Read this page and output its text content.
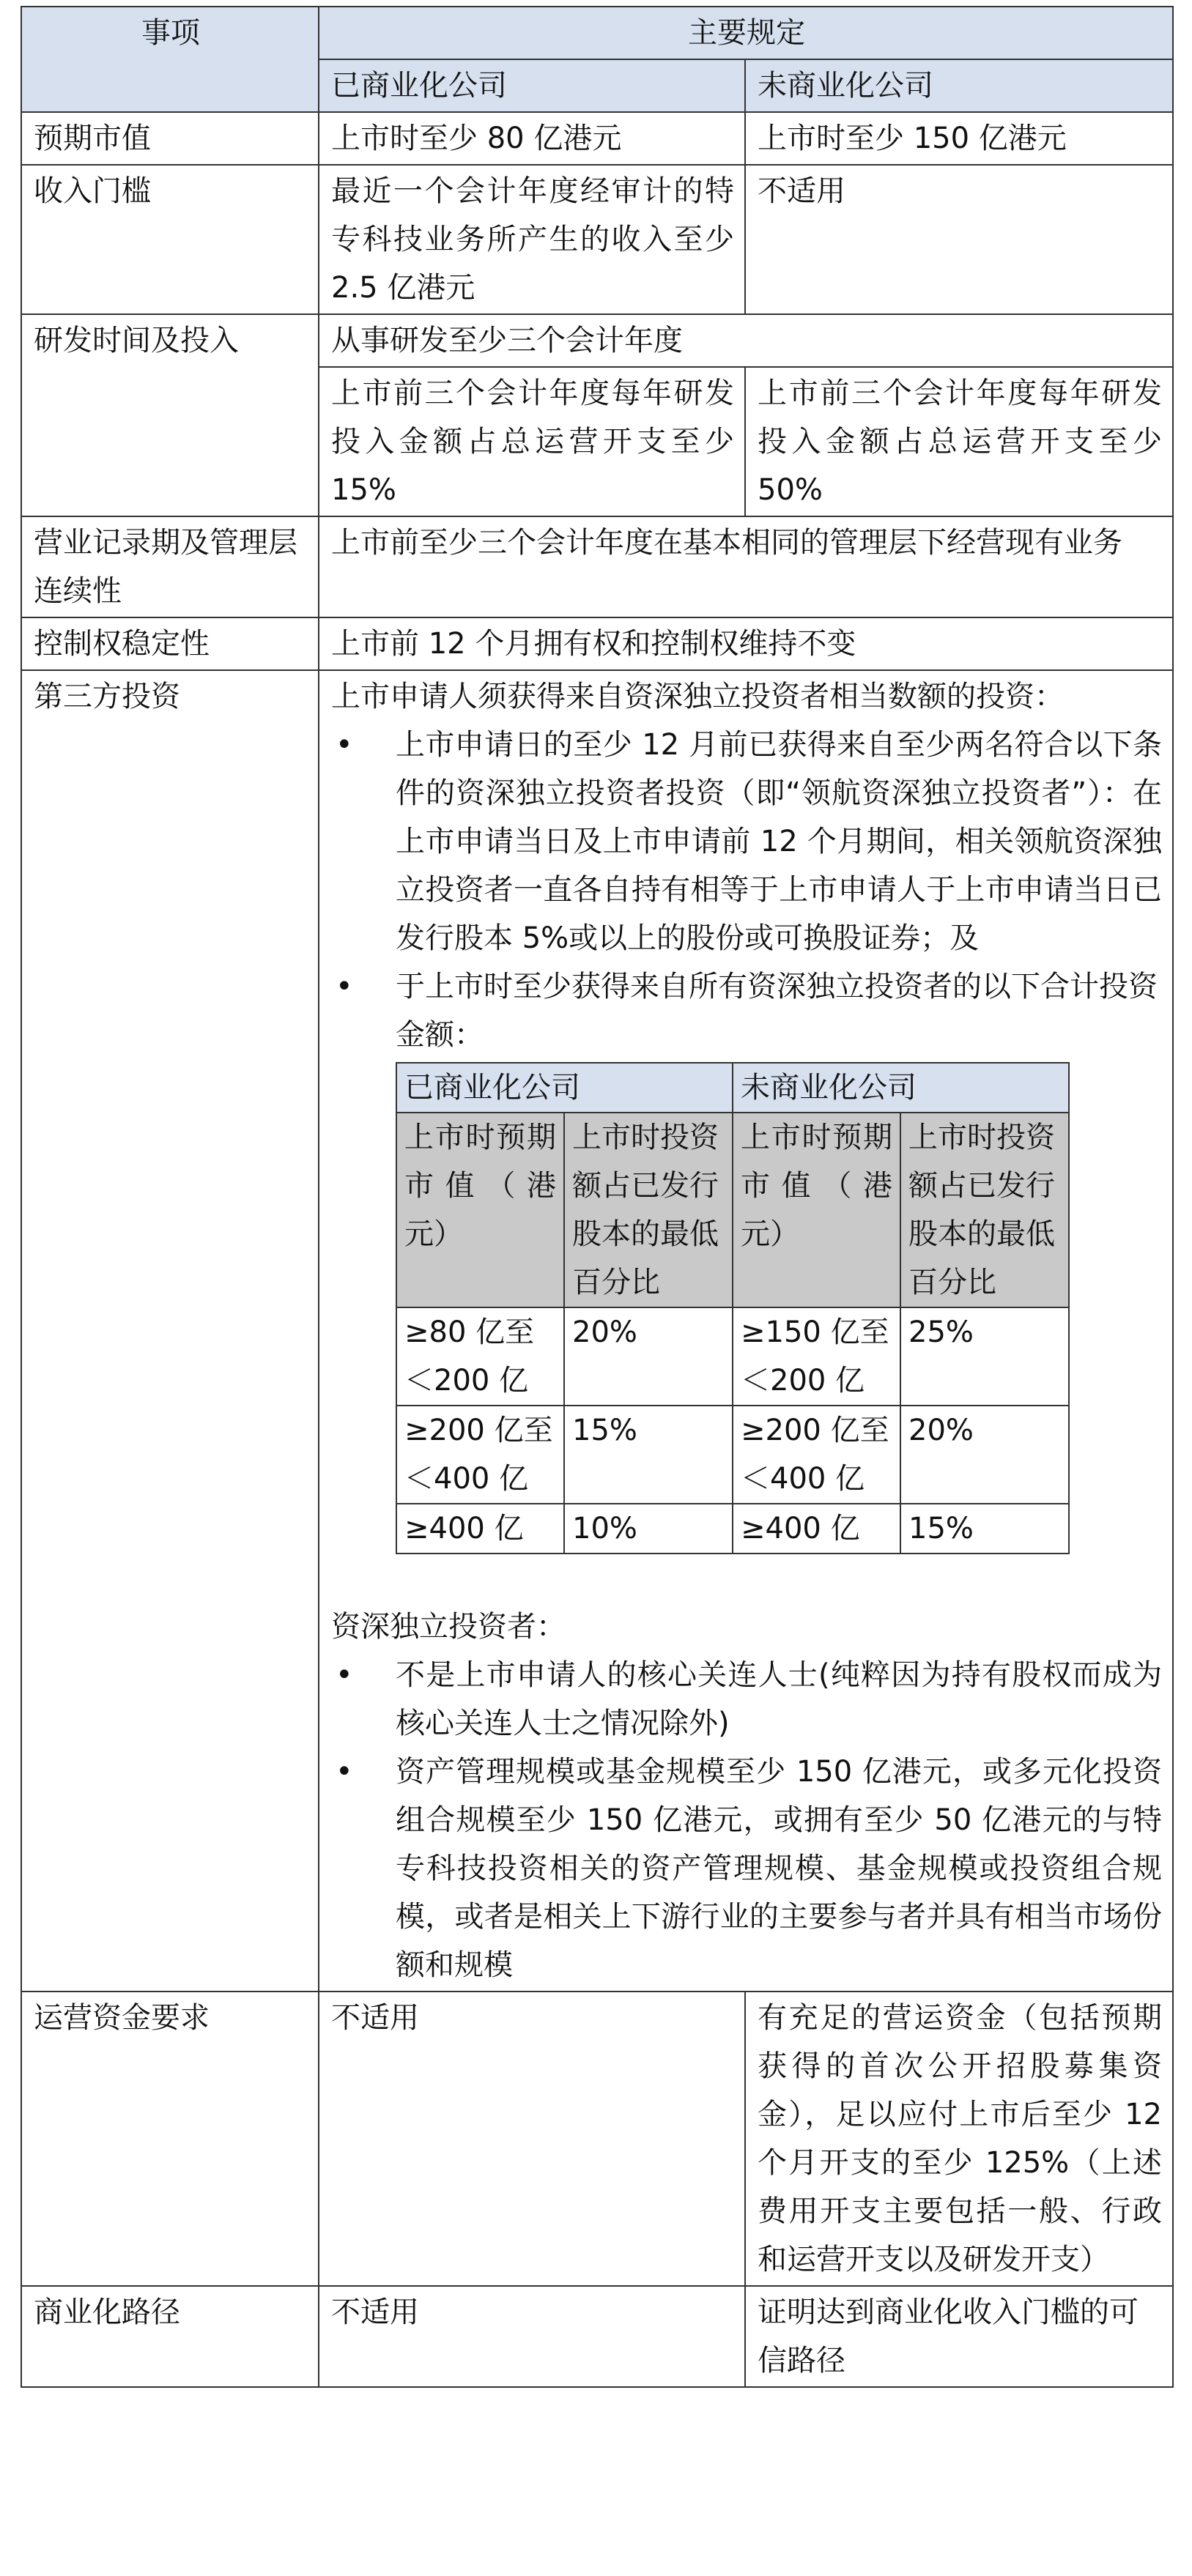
事项	主要规定
已商业化公司	未商业化公司
预期市值	上市时至少 80 亿港元	上市时至少 150 亿港元
收入门槛	最近一个会计年度经审计的特专科技业务所产生的收入至少 2.5 亿港元	不适用
研发时间及投入	从事研发至少三个会计年度
上市前三个会计年度每年研发投入金额占总运营开支至少 15%	上市前三个会计年度每年研发投入金额占总运营开支至少 50%
营业记录期及管理层连续性	上市前至少三个会计年度在基本相同的管理层下经营现有业务
控制权稳定性	上市前 12 个月拥有权和控制权维持不变
第三方投资	上市申请人须获得来自资深独立投资者相当数额的投资：
• 上市申请日的至少 12 月前已获得来自至少两名符合以下条件的资深独立投资者投资（即“领航资深独立投资者”）：在上市申请当日及上市申请前 12 个月期间，相关领航资深独立投资者一直各自持有相等于上市申请人于上市申请当日已发行股本 5%或以上的股份或可换股证券；及
• 于上市时至少获得来自所有资深独立投资者的以下合计投资金额：
已商业化公司	未商业化公司
上市时预期市值（港元）	上市时投资额占已发行股本的最低百分比	上市时预期市值（港元）	上市时投资额占已发行股本的最低百分比
≥80 亿至＜200 亿	20%	≥150 亿至＜200 亿	25%
≥200 亿至＜400 亿	15%	≥200 亿至＜400 亿	20%
≥400 亿	10%	≥400 亿	15%
资深独立投资者：
• 不是上市申请人的核心关连人士(纯粹因为持有股权而成为核心关连人士之情况除外)
• 资产管理规模或基金规模至少 150 亿港元，或多元化投资组合规模至少 150 亿港元，或拥有至少 50 亿港元的与特专科技投资相关的资产管理规模、基金规模或投资组合规模，或者是相关上下游行业的主要参与者并具有相当市场份额和规模

运营资金要求	不适用	有充足的营运资金（包括预期获得的首次公开招股募集资金），足以应付上市后至少 12 个月开支的至少 125%（上述费用开支主要包括一般、行政和运营开支以及研发开支）
商业化路径	不适用	证明达到商业化收入门槛的可信路径
